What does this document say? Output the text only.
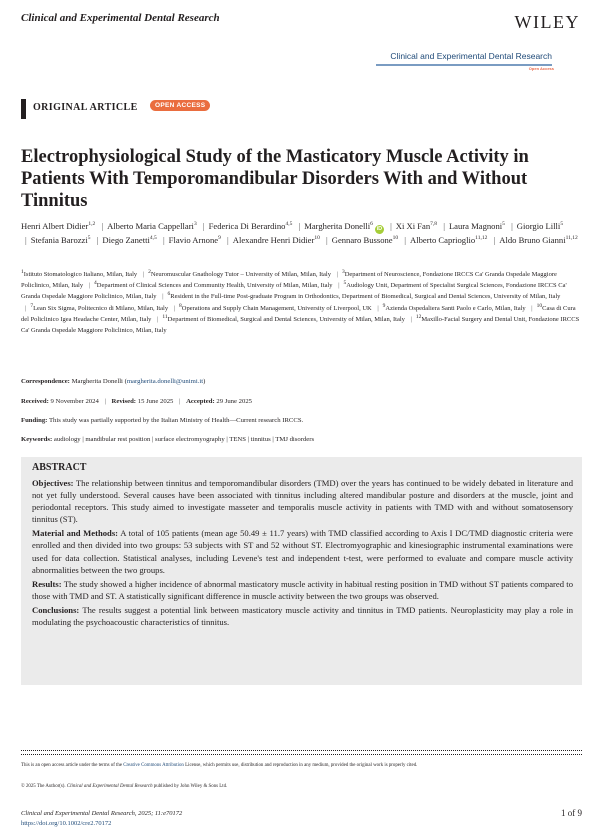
Clinical and Experimental Dental Research	WILEY
Clinical and Experimental Dental Research
Open Access
ORIGINAL ARTICLE	OPEN ACCESS
Electrophysiological Study of the Masticatory Muscle Activity in Patients With Temporomandibular Disorders With and Without Tinnitus
Henri Albert Didier$^{1,2}$ | Alberto Maria Cappellari$^3$ | Federica Di Berardino$^{4,5}$ | Margherita Donelli$^6$iD | Xi Xi Fan$^{7,8}$ | Laura Magnoni$^5$ | Giorgio Lilli$^5$ | Stefania Barozzi$^5$ | Diego Zanetti$^{4,5}$ | Flavio Arnone$^9$ | Alexandre Henri Didier$^{10}$ | Gennaro Bussone$^{10}$ | Alberto Caprioglio$^{11,12}$ | Aldo Bruno Gianni$^{11,12}$
$^1$Istituto Stomatologico Italiano, Milan, Italy | $^2$Neuromuscular Gnathology Tutor – University of Milan, Milan, Italy | $^3$Department of Neuroscience, Fondazione IRCCS Ca' Granda Ospedale Maggiore Policlinico, Milan, Italy | $^4$Department of Clinical Sciences and Community Health, University of Milan, Milan, Italy | $^5$Audiology Unit, Department of Specialist Surgical Sciences, Fondazione IRCCS Ca' Granda Ospedale Maggiore Policlinico, Milan, Italy | $^6$Resident in the Full-time Post-graduate Program in Orthodontics, Department of Biomedical, Surgical and Dental Sciences, University of Milan, Italy | $^7$Lean Six Sigma, Politecnico di Milano, Milan, Italy | $^8$Operations and Supply Chain Management, University of Liverpool, UK | $^9$Azienda Ospedaliera Santi Paolo e Carlo, Milan, Italy | $^{10}$Casa di Cura del Policlinico Igea Headache Center, Milan, Italy | $^{11}$Department of Biomedical, Surgical and Dental Sciences, University of Milan, Milan, Italy | $^{12}$Maxillo-Facial Surgery and Dental Unit, Fondazione IRCCS Ca' Granda Ospedale Maggiore Policlinico, Milan, Italy
Correspondence: Margherita Donelli (margherita.donelli@unimi.it)
Received: 9 November 2024 | Revised: 15 June 2025 | Accepted: 29 June 2025
Funding: This study was partially supported by the Italian Ministry of Health—Current research IRCCS.
Keywords: audiology | mandibular rest position | surface electromyography | TENS | tinnitus | TMJ disorders
ABSTRACT

Objectives: The relationship between tinnitus and temporomandibular disorders (TMD) over the years has continued to be widely debated in literature and not yet fully understood. Several causes have been associated with tinnitus including altered mandibular posture and disorders at the muscle, joint and periodontal receptors. This study aimed to investigate masseter and temporalis muscle activity in patients with TMD with and without somatosensory tinnitus (ST).

Material and Methods: A total of 105 patients (mean age 50.49 ± 11.7 years) with TMD classified according to Axis I DC/TMD diagnostic criteria were enrolled and then divided into two groups: 53 subjects with ST and 52 without ST. Electromyographic and kinesiographic instrumental examinations were used for data collection. Statistical analyses, including Levene's test and independent t-test, were performed to evaluate and compare muscle activity abnormalities between the two groups.

Results: The study showed a higher incidence of abnormal masticatory muscle activity in habitual resting position in TMD without ST patients compared to those with TMD and ST. A statistically significant difference in muscle activity between the two groups was observed.

Conclusions: The results suggest a potential link between masticatory muscle activity and tinnitus in TMD patients. Neuroplasticity may play a role in modulating the psychoacoustic characteristics of tinnitus.

This is an open access article under the terms of the Creative Commons Attribution License, which permits use, distribution and reproduction in any medium, provided the original work is properly cited.
© 2025 The Author(s). Clinical and Experimental Dental Research published by John Wiley & Sons Ltd.
Clinical and Experimental Dental Research, 2025; 11:e70172
https://doi.org/10.1002/cre2.70172
1 of 9
